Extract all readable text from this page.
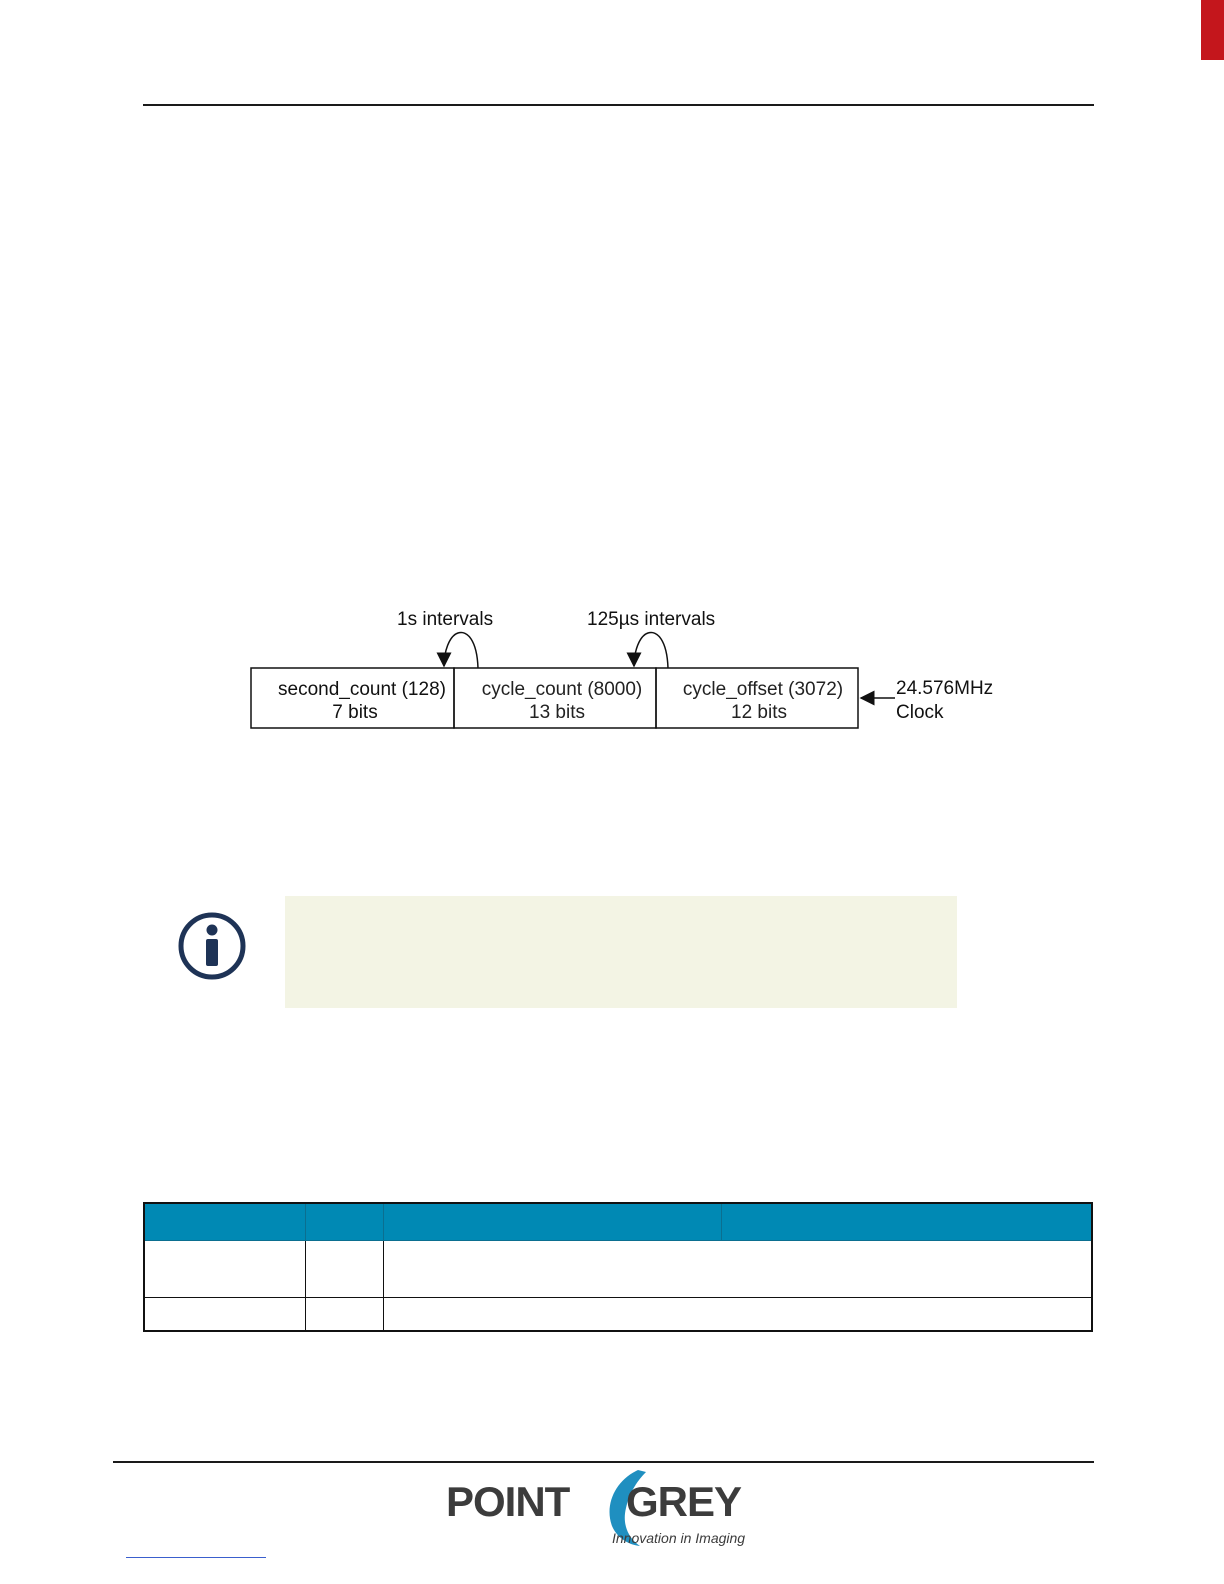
1s intervals	125µs intervals
second_count (128)
7 bits
cycle_count (8000)
13 bits
cycle_offset (3072)
12 bits
24.576MHz
Clock

POINT GREY
Innovation in Imaging
